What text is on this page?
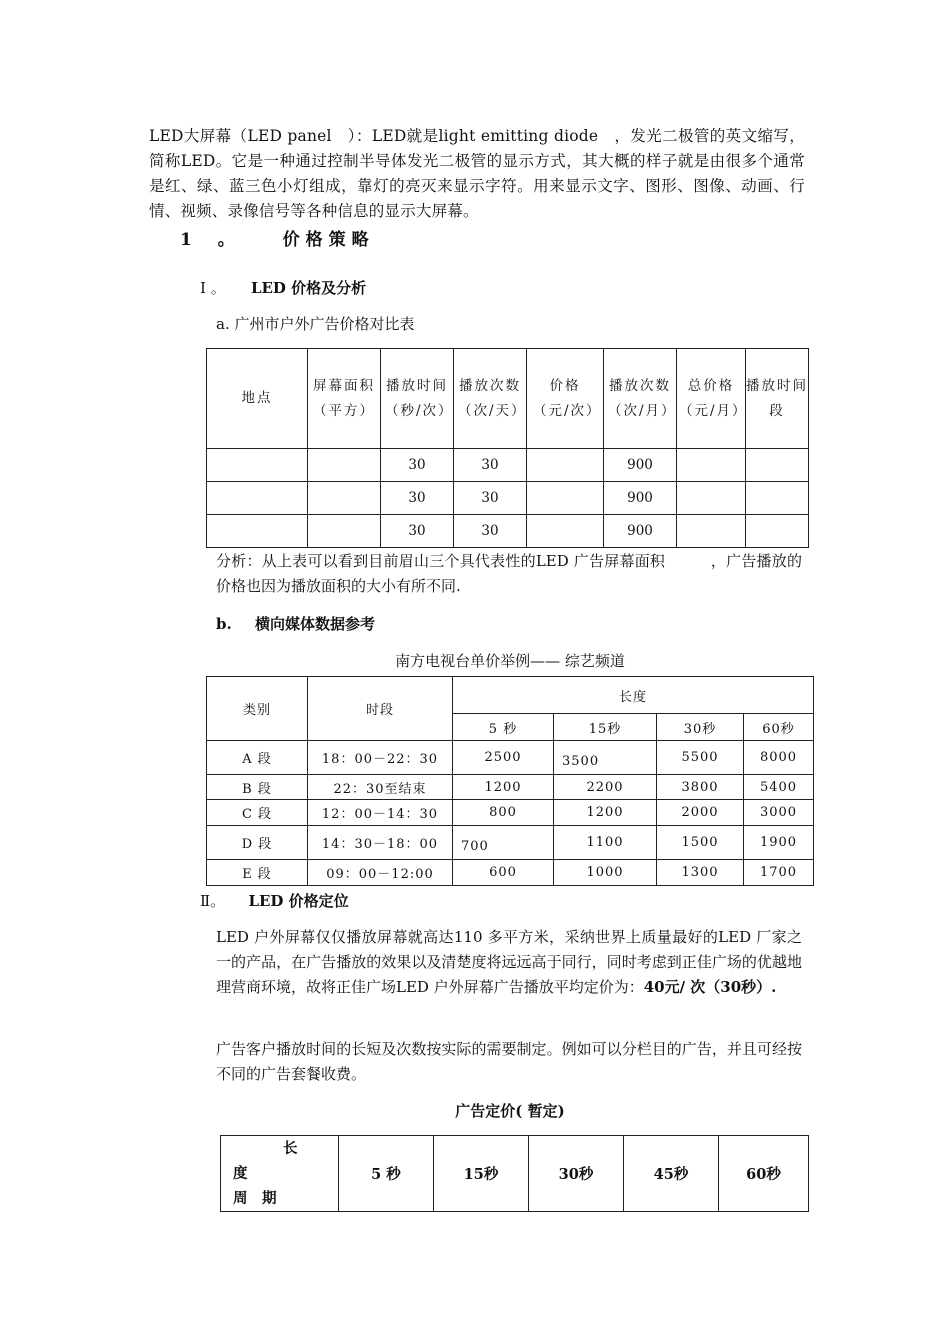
LED大屏幕（LED panel　）：LED就是light emitting diode　，发光二极管的英文缩写，简称LED。它是一种通过控制半导体发光二极管的显示方式，其大概的样子就是由很多个通常是红、绿、蓝三色小灯组成，靠灯的亮灭来显示字符。用来显示文字、图形、图像、动画、行情、视频、录像信号等各种信息的显示大屏幕。
1 。 价格策略
Ⅰ 。 LED 价格及分析
a. 广州市户外广告价格对比表
地点	屏幕面积（平方）	播放时间（秒/次）	播放次数（次/天）	价格（元/次）	播放次数（次/月）	总价格（元/月）	播放时间段
		30	30		900		
		30	30		900		
		30	30		900		
分析：从上表可以看到目前眉山三个具代表性的LED 广告屏幕面积　　　，广告播放的价格也因为播放面积的大小有所不同.
b. 横向媒体数据参考
南方电视台单价举例—— 综艺频道
类别	时段	长度			
		5 秒	15秒	30秒	60秒
A 段	18：00－22：30	2500	3500	5500	8000
B 段	22：30至结束	1200	2200	3800	5400
C 段	12：00－14：30	800	1200	2000	3000
D 段	14：30－18：00	700	1100	1500	1900
E 段	09：00－12:00	600	1000	1300	1700
Ⅱ。 LED 价格定位
LED 户外屏幕仅仅播放屏幕就高达110 多平方米，采纳世界上质量最好的LED 厂家之一的产品，在广告播放的效果以及清楚度将远远高于同行，同时考虑到正佳广场的优越地理营商环境，故将正佳广场LED 户外屏幕广告播放平均定价为：40元/ 次（30秒）.
广告客户播放时间的长短及次数按实际的需要制定。例如可以分栏目的广告，并且可经按不同的广告套餐收费。
广告定价( 暂定)
长
度
周　期
	5 秒	15秒	30秒	45秒	60秒
